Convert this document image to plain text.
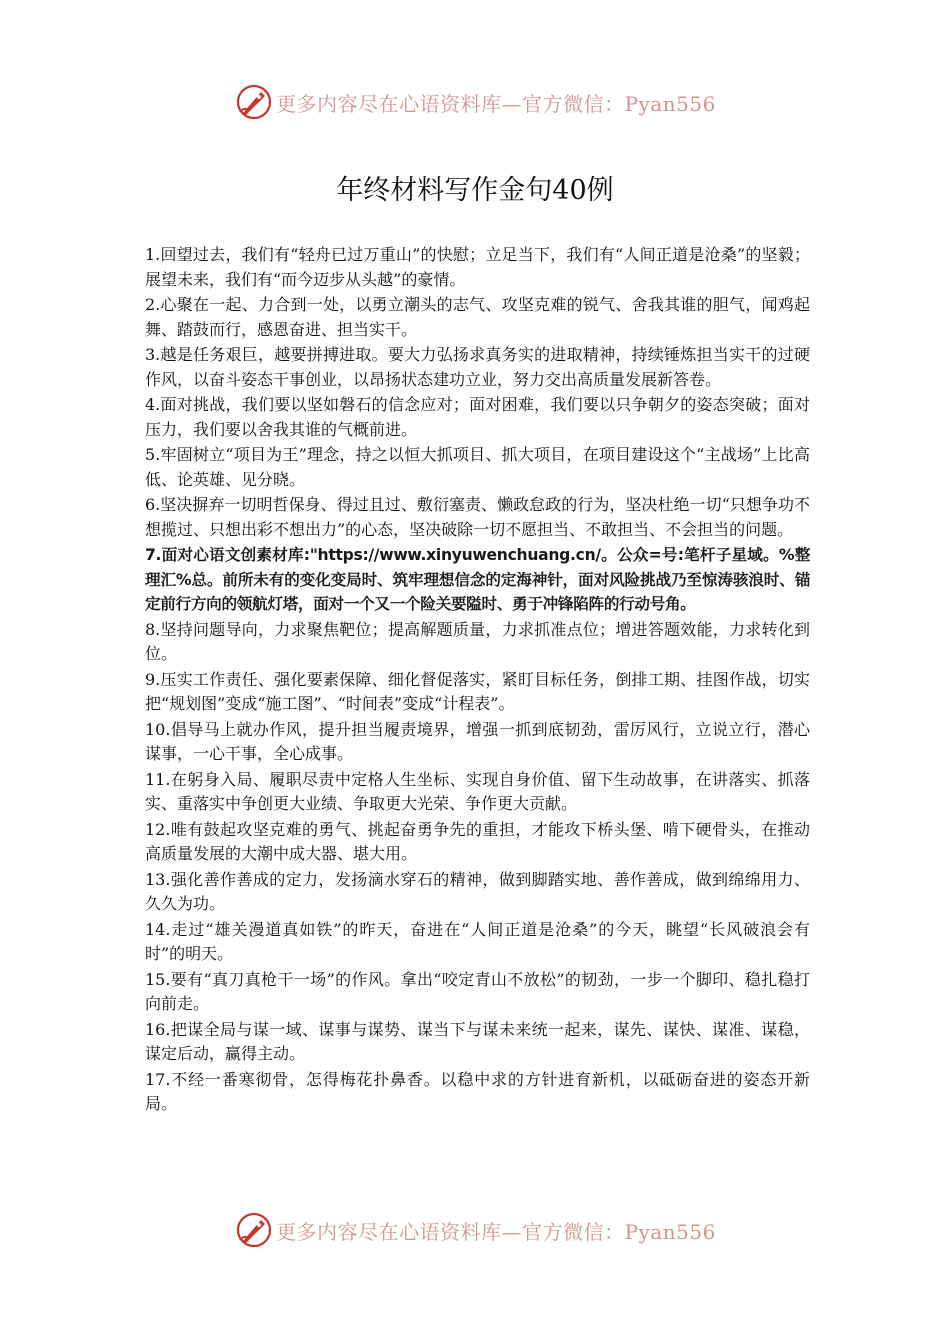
更多内容尽在心语资料库—官方微信：Pyan556
年终材料写作金句40例

1.回望过去，我们有“轻舟已过万重山”的快慰；立足当下，我们有“人间正道是沧桑”的坚毅；展望未来，我们有“而今迈步从头越”的豪情。

2.心聚在一起、力合到一处，以勇立潮头的志气、攻坚克难的锐气、舍我其谁的胆气，闻鸡起舞、踏鼓而行，感恩奋进、担当实干。

3.越是任务艰巨，越要拼搏进取。要大力弘扬求真务实的进取精神，持续锤炼担当实干的过硬作风，以奋斗姿态干事创业，以昂扬状态建功立业，努力交出高质量发展新答卷。

4.面对挑战，我们要以坚如磐石的信念应对；面对困难，我们要以只争朝夕的姿态突破；面对压力，我们要以舍我其谁的气概前进。

5.牢固树立“项目为王”理念，持之以恒大抓项目、抓大项目，在项目建设这个“主战场”上比高低、论英雄、见分晓。

6.坚决摒弃一切明哲保身、得过且过、敷衍塞责、懒政怠政的行为，坚决杜绝一切“只想争功不想揽过、只想出彩不想出力”的心态，坚决破除一切不愿担当、不敢担当、不会担当的问题。

7.面对心语文创素材库:"https://www.xinyuwenchuang.cn/。公众=号:笔杆子星域。%整理汇%总。前所未有的变化变局时、筑牢理想信念的定海神针，面对风险挑战乃至惊涛骇浪时、锚定前行方向的领航灯塔，面对一个又一个险关要隘时、勇于冲锋陷阵的行动号角。

8.坚持问题导向，力求聚焦靶位；提高解题质量，力求抓准点位；增进答题效能，力求转化到位。

9.压实工作责任、强化要素保障、细化督促落实，紧盯目标任务，倒排工期、挂图作战，切实把“规划图”变成“施工图”、“时间表”变成“计程表”。

10.倡导马上就办作风，提升担当履责境界，增强一抓到底韧劲，雷厉风行，立说立行，潜心谋事，一心干事，全心成事。

11.在躬身入局、履职尽责中定格人生坐标、实现自身价值、留下生动故事，在讲落实、抓落实、重落实中争创更大业绩、争取更大光荣、争作更大贡献。

12.唯有鼓起攻坚克难的勇气、挑起奋勇争先的重担，才能攻下桥头堡、啃下硬骨头，在推动高质量发展的大潮中成大器、堪大用。

13.强化善作善成的定力，发扬滴水穿石的精神，做到脚踏实地、善作善成，做到绵绵用力、久久为功。

14.走过“雄关漫道真如铁”的昨天，奋进在“人间正道是沧桑”的今天，眺望“长风破浪会有时”的明天。

15.要有“真刀真枪干一场”的作风。拿出“咬定青山不放松”的韧劲，一步一个脚印、稳扎稳打向前走。

16.把谋全局与谋一域、谋事与谋势、谋当下与谋未来统一起来，谋先、谋快、谋准、谋稳，谋定后动，赢得主动。

17.不经一番寒彻骨，怎得梅花扑鼻香。以稳中求的方针进育新机，以砥砺奋进的姿态开新局。

更多内容尽在心语资料库—官方微信：Pyan556
